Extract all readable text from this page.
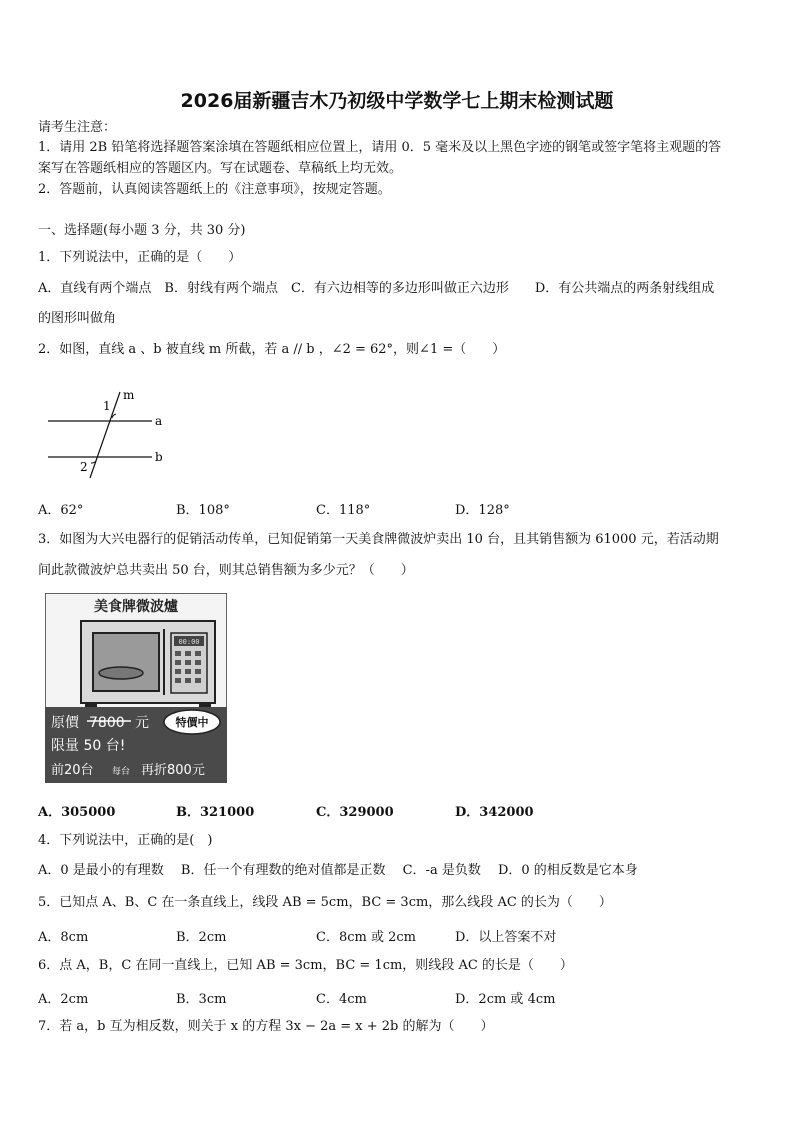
2026届新疆吉木乃初级中学数学七上期末检测试题
请考生注意：
1．请用 2B 铅笔将选择题答案涂填在答题纸相应位置上，请用 0．5 毫米及以上黑色字迹的钢笔或签字笔将主观题的答
案写在答题纸相应的答题区内。写在试题卷、草稿纸上均无效。
2．答题前，认真阅读答题纸上的《注意事项》，按规定答题。
一、选择题(每小题 3 分，共 30 分)
1．下列说法中，正确的是（　　）
A．直线有两个端点　B．射线有两个端点　C．有六边相等的多边形叫做正六边形　　D．有公共端点的两条射线组成
的图形叫做角
2．如图，直线 a 、b 被直线 m 所截，若 a // b ，∠2 = 62°，则∠1 =（　　）
1
2
m
a
b
A．62°	B．108°	C．118°	D．128°
3．如图为大兴电器行的促销活动传单，已知促销第一天美食牌微波炉卖出 10 台，且其销售额为 61000 元，若活动期
间此款微波炉总共卖出 50 台，则其总销售额为多少元？（　　）
美食牌微波爐
00:00
原價 7800 元 特價中
限量 50 台!
前20台 每台 再折800元
A．305000	B．321000	C．329000	D．342000
4．下列说法中，正确的是(　)
A．0 是最小的有理数　 B．任一个有理数的绝对值都是正数　 C．-a 是负数　 D．0 的相反数是它本身
5．已知点 A、B、C 在一条直线上，线段 AB = 5cm，BC = 3cm，那么线段 AC 的长为（　　）
A．8cm	B．2cm	C．8cm 或 2cm	D．以上答案不对
6．点 A，B，C 在同一直线上，已知 AB = 3cm，BC = 1cm，则线段 AC 的长是（　　）
A．2cm	B．3cm	C．4cm	D．2cm 或 4cm
7．若 a，b 互为相反数，则关于 x 的方程 3x − 2a = x + 2b 的解为（　　）
